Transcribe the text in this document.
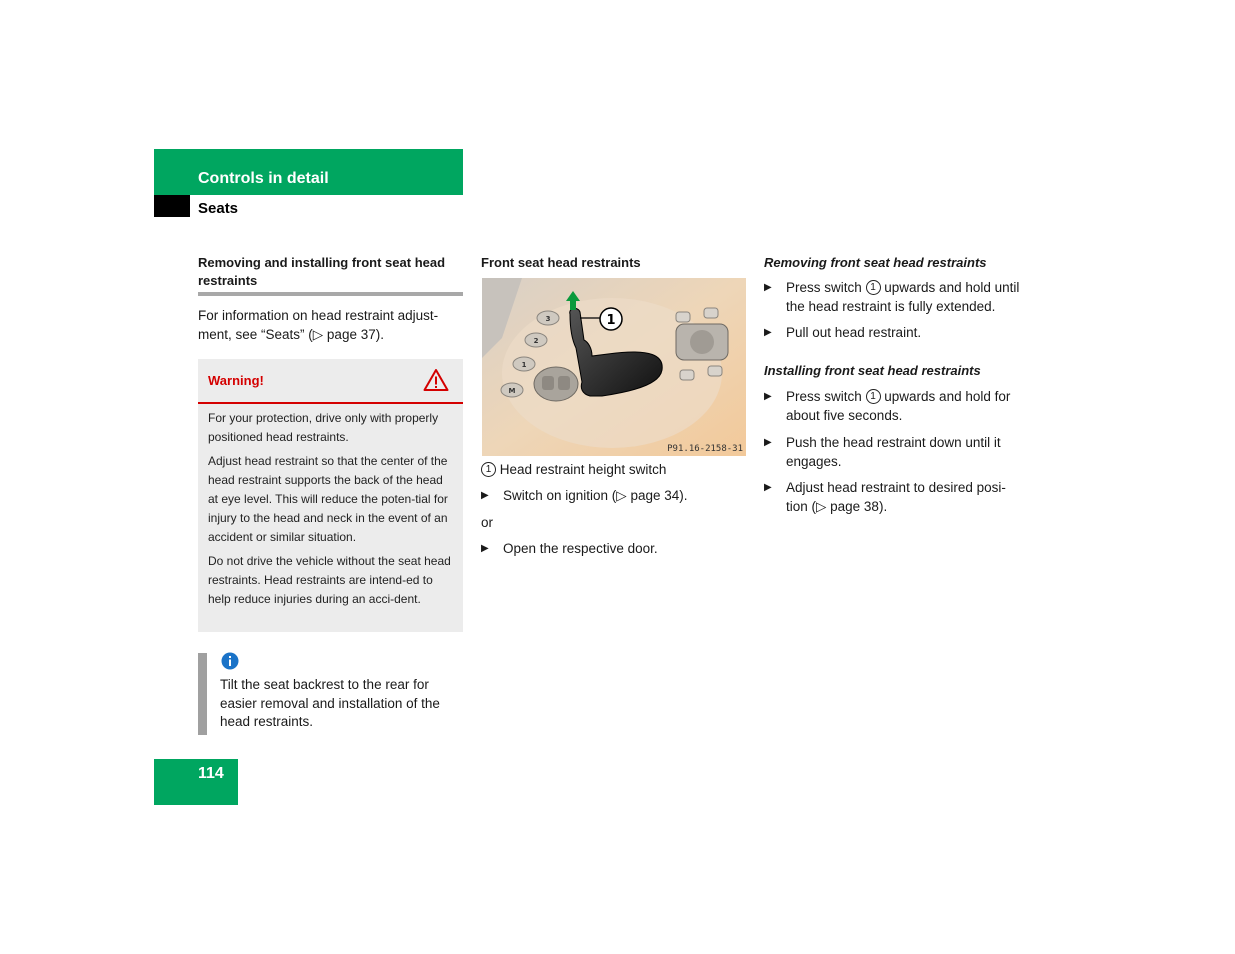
Controls in detail
Seats
Removing and installing front seat head restraints

For information on head restraint adjust-ment, see “Seats” (▷ page 37).

Warning!

For your protection, drive only with properly positioned head restraints.

Adjust head restraint so that the center of the head restraint supports the back of the head at eye level. This will reduce the poten-tial for injury to the head and neck in the event of an accident or similar situation.

Do not drive the vehicle without the seat head restraints. Head restraints are intend-ed to help reduce injuries during an acci-dent.

Tilt the seat backrest to the rear for easier removal and installation of the head restraints.
114
Front seat head restraints
3
2
1
M
1
P91.16-2158-31
1 Head restraint height switch
▶ Switch on ignition (▷ page 34).
or
▶ Open the respective door.
Removing front seat head restraints
▶ Press switch 1 upwards and hold until
the head restraint is fully extended.
▶ Pull out head restraint.
Installing front seat head restraints
▶ Press switch 1 upwards and hold for
about five seconds.
▶ Push the head restraint down until it
engages.
▶ Adjust head restraint to desired posi-
tion (▷ page 38).
